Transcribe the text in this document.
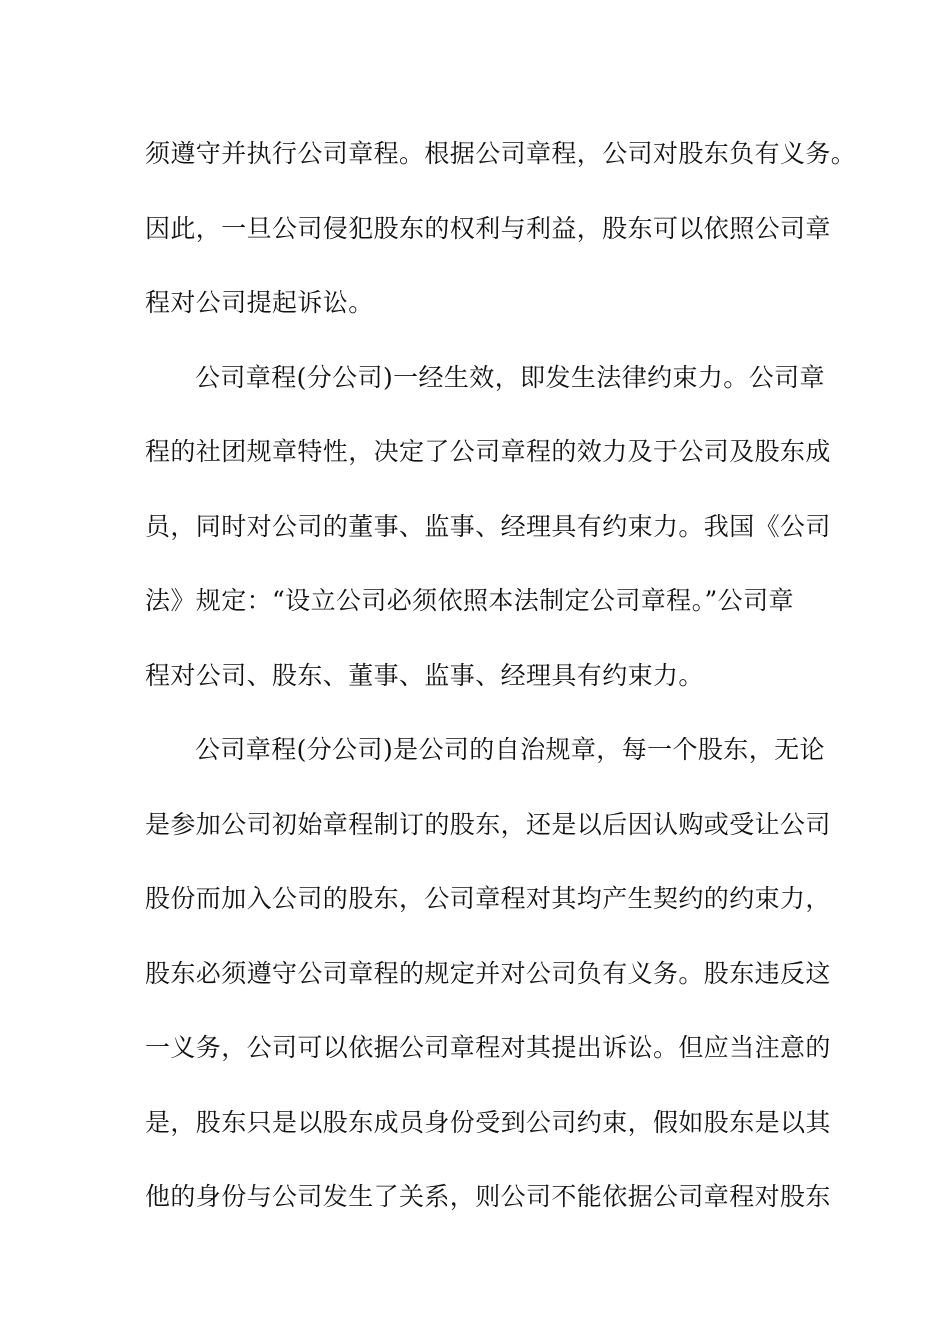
须遵守并执行公司章程。根据公司章程，公司对股东负有义务。
因此，一旦公司侵犯股东的权利与利益，股东可以依照公司章
程对公司提起诉讼。
公司章程(分公司)一经生效，即发生法律约束力。公司章
程的社团规章特性，决定了公司章程的效力及于公司及股东成
员，同时对公司的董事、监事、经理具有约束力。我国《公司
法》规定：“设立公司必须依照本法制定公司章程。”公司章
程对公司、股东、董事、监事、经理具有约束力。
公司章程(分公司)是公司的自治规章，每一个股东，无论
是参加公司初始章程制订的股东，还是以后因认购或受让公司
股份而加入公司的股东，公司章程对其均产生契约的约束力，
股东必须遵守公司章程的规定并对公司负有义务。股东违反这
一义务，公司可以依据公司章程对其提出诉讼。但应当注意的
是，股东只是以股东成员身份受到公司约束，假如股东是以其
他的身份与公司发生了关系，则公司不能依据公司章程对股东
